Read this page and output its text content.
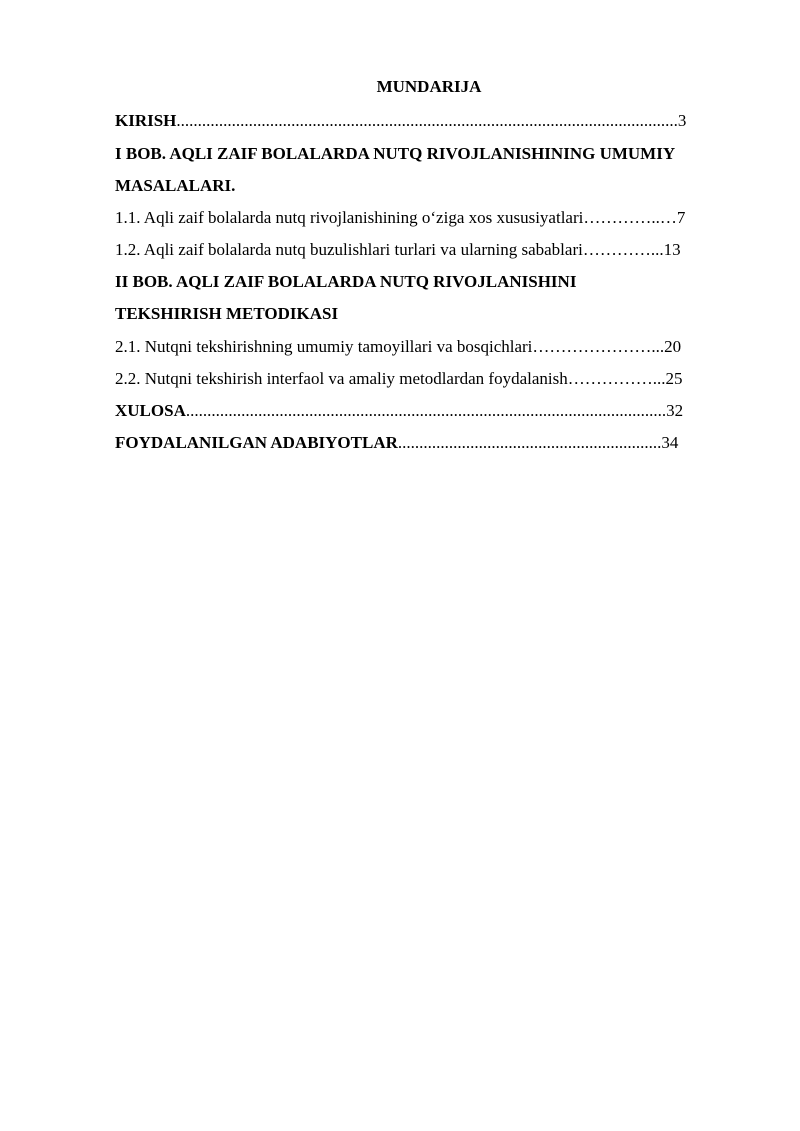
MUNDARIJA
KIRISH......................................................................................................................3
I BOB. AQLI ZAIF BOLALARDA NUTQ RIVOJLANISHINING UMUMIY
MASALALARI.
1.1. Aqli zaif bolalarda nutq rivojlanishining o‘ziga xos xususiyatlari…………..…7
1.2. Aqli zaif bolalarda nutq buzulishlari turlari va ularning sabablari…………...13
II BOB. AQLI ZAIF BOLALARDA NUTQ RIVOJLANISHINI
TEKSHIRISH METODIKASI
2.1. Nutqni tekshirishning umumiy tamoyillari va bosqichlari…………………...20
2.2. Nutqni tekshirish interfaol va amaliy metodlardan foydalanish……………...25
XULOSA.................................................................................................................32
FOYDALANILGAN ADABIYOTLAR..............................................................34
